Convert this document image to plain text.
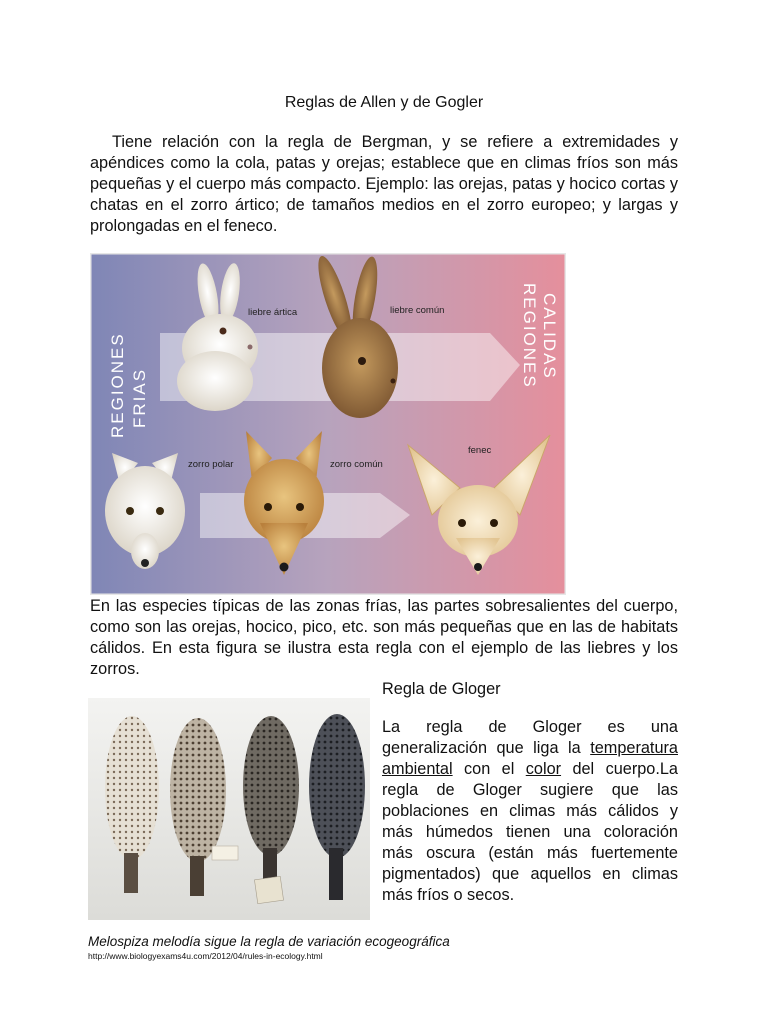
Reglas de Allen y de Gogler
Tiene relación con la regla de Bergman, y se refiere a extremidades y apéndices como la cola, patas y orejas; establece que en climas fríos son más pequeñas y el cuerpo más compacto. Ejemplo: las orejas, patas y hocico cortas y chatas en el zorro ártico; de tamaños medios en el zorro europeo; y largas y prolongadas en el feneco.
REGIONES FRIAS
REGIONES CALIDAS
liebre ártica	liebre común
zorro polar	zorro común
fenec
En las especies típicas de las zonas frías, las partes sobresalientes del cuerpo, como son las orejas, hocico, pico, etc. son más pequeñas que en las de habitats cálidos. En esta figura se ilustra esta regla con el ejemplo de las liebres y los zorros.
Regla de Gloger
La regla de Gloger es una generalización que liga la temperatura ambiental con el color del cuerpo.La regla de Gloger sugiere que las poblaciones en climas más cálidos y más húmedos tienen una coloración más oscura (están más fuertemente pigmentados) que aquellos en climas más fríos o secos.
Melospiza melodía sigue la regla de variación ecogeográfica
http://www.biologyexams4u.com/2012/04/rules-in-ecology.html
